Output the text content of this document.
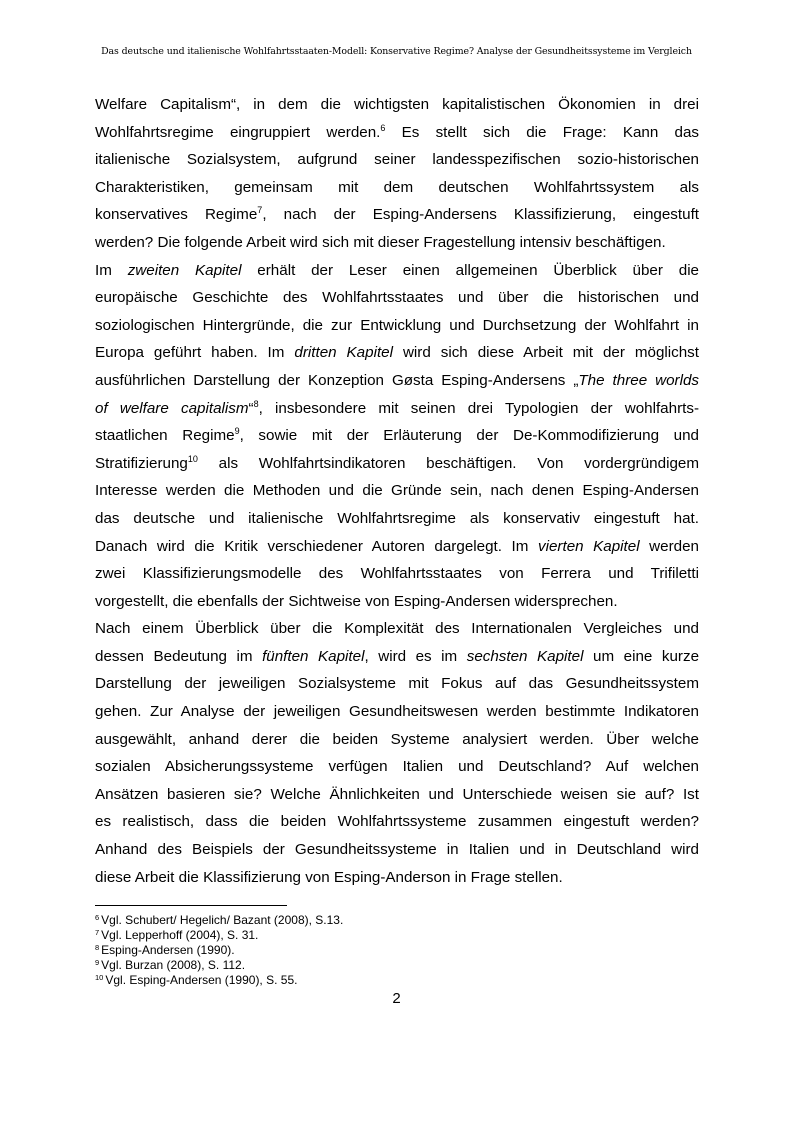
Das deutsche und italienische Wohlfahrtsstaaten-Modell: Konservative Regime? Analyse der Gesundheitssysteme im Vergleich
Welfare Capitalism“, in dem die wichtigsten kapitalistischen Ökonomien in drei
Wohlfahrtsregime eingruppiert werden.$^6$ Es stellt sich die Frage: Kann das
italienische Sozialsystem, aufgrund seiner landesspezifischen sozio-historischen
Charakteristiken, gemeinsam mit dem deutschen Wohlfahrtssystem als
konservatives Regime$^7$, nach der Esping-Andersens Klassifizierung, eingestuft
werden? Die folgende Arbeit wird sich mit dieser Fragestellung intensiv beschäftigen.
Im zweiten Kapitel erhält der Leser einen allgemeinen Überblick über die
europäische Geschichte des Wohlfahrtsstaates und über die historischen und
soziologischen Hintergründe, die zur Entwicklung und Durchsetzung der Wohlfahrt in
Europa geführt haben. Im dritten Kapitel wird sich diese Arbeit mit der möglichst
ausführlichen Darstellung der Konzeption Gøsta Esping-Andersens „The three worlds
of welfare capitalism“$^8$, insbesondere mit seinen drei Typologien der wohlfahrts-
staatlichen Regime$^9$, sowie mit der Erläuterung der De-Kommodifizierung und
Stratifizierung$^{10}$ als Wohlfahrtsindikatoren beschäftigen. Von vordergründigem
Interesse werden die Methoden und die Gründe sein, nach denen Esping-Andersen
das deutsche und italienische Wohlfahrtsregime als konservativ eingestuft hat.
Danach wird die Kritik verschiedener Autoren dargelegt. Im vierten Kapitel werden
zwei Klassifizierungsmodelle des Wohlfahrtsstaates von Ferrera und Trifiletti
vorgestellt, die ebenfalls der Sichtweise von Esping-Andersen widersprechen.
Nach einem Überblick über die Komplexität des Internationalen Vergleiches und
dessen Bedeutung im fünften Kapitel, wird es im sechsten Kapitel um eine kurze
Darstellung der jeweiligen Sozialsysteme mit Fokus auf das Gesundheitssystem
gehen. Zur Analyse der jeweiligen Gesundheitswesen werden bestimmte Indikatoren
ausgewählt, anhand derer die beiden Systeme analysiert werden. Über welche
sozialen Absicherungssysteme verfügen Italien und Deutschland? Auf welchen
Ansätzen basieren sie? Welche Ähnlichkeiten und Unterschiede weisen sie auf? Ist
es realistisch, dass die beiden Wohlfahrtssysteme zusammen eingestuft werden?
Anhand des Beispiels der Gesundheitssysteme in Italien und in Deutschland wird
diese Arbeit die Klassifizierung von Esping-Anderson in Frage stellen.
$^6$ Vgl. Schubert/ Hegelich/ Bazant (2008), S.13.
$^7$ Vgl. Lepperhoff (2004), S. 31.
$^8$ Esping-Andersen (1990).
$^9$ Vgl. Burzan (2008), S. 112.
$^{10}$ Vgl. Esping-Andersen (1990), S. 55.
2
